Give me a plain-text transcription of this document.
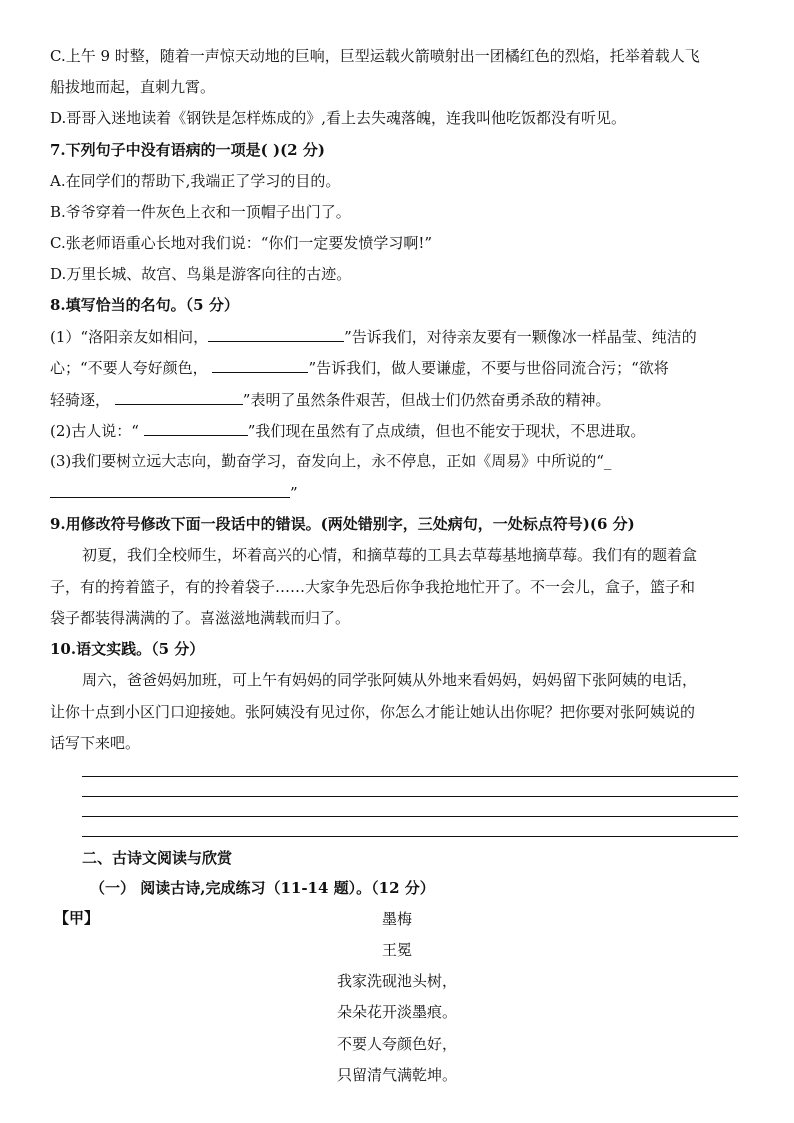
C.上午 9 时整，随着一声惊天动地的巨响，巨型运载火箭喷射出一团橘红色的烈焰，托举着载人飞
船拔地而起，直刺九霄。
D.哥哥入迷地读着《钢铁是怎样炼成的》,看上去失魂落魄，连我叫他吃饭都没有听见。
7.下列句子中没有语病的一项是( )(2 分)
A.在同学们的帮助下,我端正了学习的目的。
B.爷爷穿着一件灰色上衣和一顶帽子出门了。
C.张老师语重心长地对我们说：“你们一定要发愤学习啊!”
D.万里长城、故宫、鸟巢是游客向往的古迹。
8.填写恰当的名句。（5 分）
(1）“洛阳亲友如相问，	”告诉我们，对待亲友要有一颗像冰一样晶莹、纯洁的
心；“不要人夸好颜色，	”告诉我们，做人要谦虚，不要与世俗同流合污；“欲将
轻骑逐，	”表明了虽然条件艰苦，但战士们仍然奋勇杀敌的精神。
(2)古人说：“	”我们现在虽然有了点成绩，但也不能安于现状，不思进取。
(3)我们要树立远大志向，勤奋学习，奋发向上，永不停息，正如《周易》中所说的“_
”
9.用修改符号修改下面一段话中的错误。(两处错别字，三处病句，一处标点符号)(6 分)
初夏，我们全校师生，坏着高兴的心情，和摘草莓的工具去草莓基地摘草莓。我们有的题着盒
子，有的挎着篮子，有的拎着袋子……大家争先恐后你争我抢地忙开了。不一会儿，盒子，篮子和
袋子都装得满满的了。喜滋滋地满载而归了。
10.语文实践。（5 分）
周六，爸爸妈妈加班，可上午有妈妈的同学张阿姨从外地来看妈妈，妈妈留下张阿姨的电话，
让你十点到小区门口迎接她。张阿姨没有见过你，你怎么才能让她认出你呢？把你要对张阿姨说的
话写下来吧。
二、古诗文阅读与欣赏
（一） 阅读古诗,完成练习（11-14 题）。（12 分）
【甲】	墨梅
王冕
我家洗砚池头树，
朵朵花开淡墨痕。
不要人夸颜色好，
只留清气满乾坤。
